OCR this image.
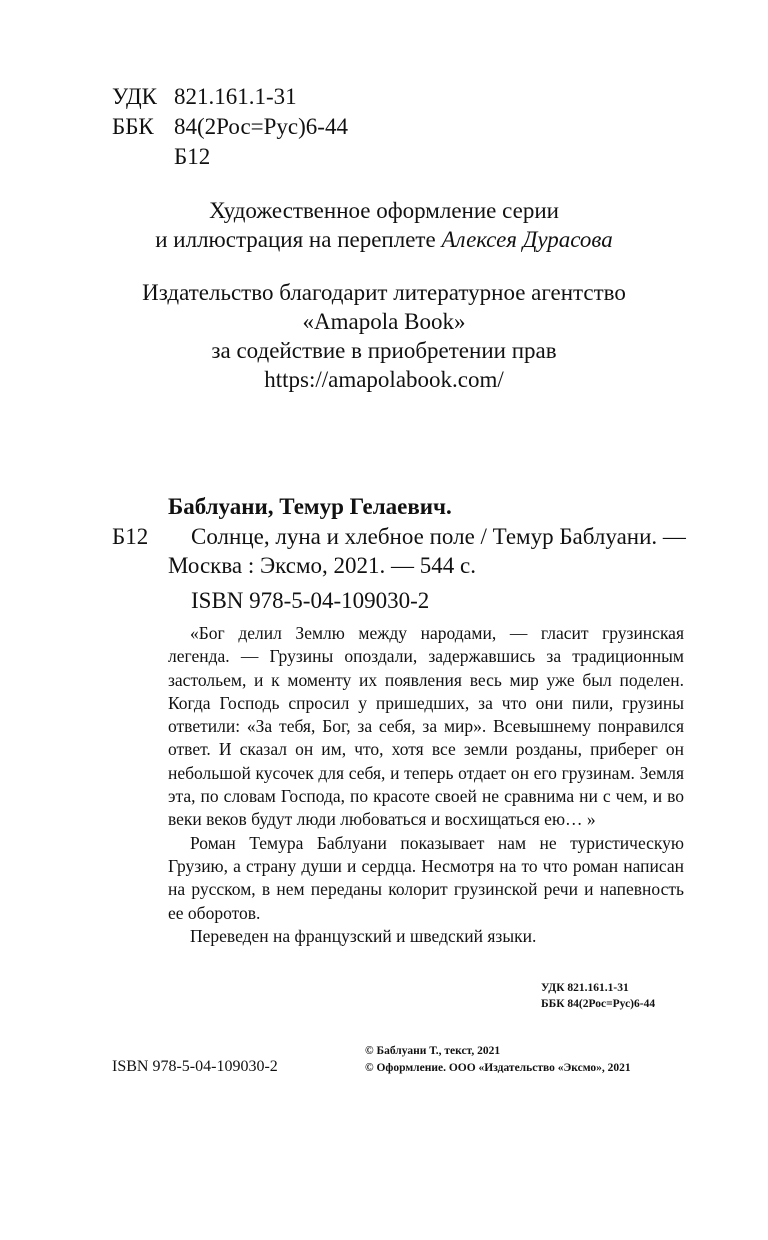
УДК 821.161.1-31
ББК 84(2Рос=Рус)6-44
Б12
Художественное оформление серии
и иллюстрация на переплете Алексея Дурасова
Издательство благодарит литературное агентство
«Amapola Book»
за содействие в приобретении прав
https://amapolabook.com/
Баблуани, Темур Гелаевич.
Б12 Солнце, луна и хлебное поле / Темур Баблуани. —
Москва : Эксмо, 2021. — 544 с.
ISBN 978-5-04-109030-2

«Бог делил Землю между народами, — гласит грузинская легенда. — Грузины опоздали, задержавшись за традиционным застольем, и к моменту их появления весь мир уже был поделен. Когда Господь спросил у пришедших, за что они пили, грузины ответили: «За тебя, Бог, за себя, за мир». Всевышнему понравился ответ. И сказал он им, что, хотя все земли розданы, приберег он небольшой кусочек для себя, и теперь отдает он его грузинам. Земля эта, по словам Господа, по красоте своей не сравнима ни с чем, и во веки веков будут люди любоваться и восхищаться ею… »

Роман Темура Баблуани показывает нам не туристическую Грузию, а страну души и сердца. Несмотря на то что роман написан на русском, в нем переданы колорит грузинской речи и напевность ее оборотов.

Переведен на французский и шведский языки.

УДК 821.161.1-31
ББК 84(2Рос=Рус)6-44
ISBN 978-5-04-109030-2
© Баблуани Т., текст, 2021
© Оформление. ООО «Издательство «Эксмо», 2021
